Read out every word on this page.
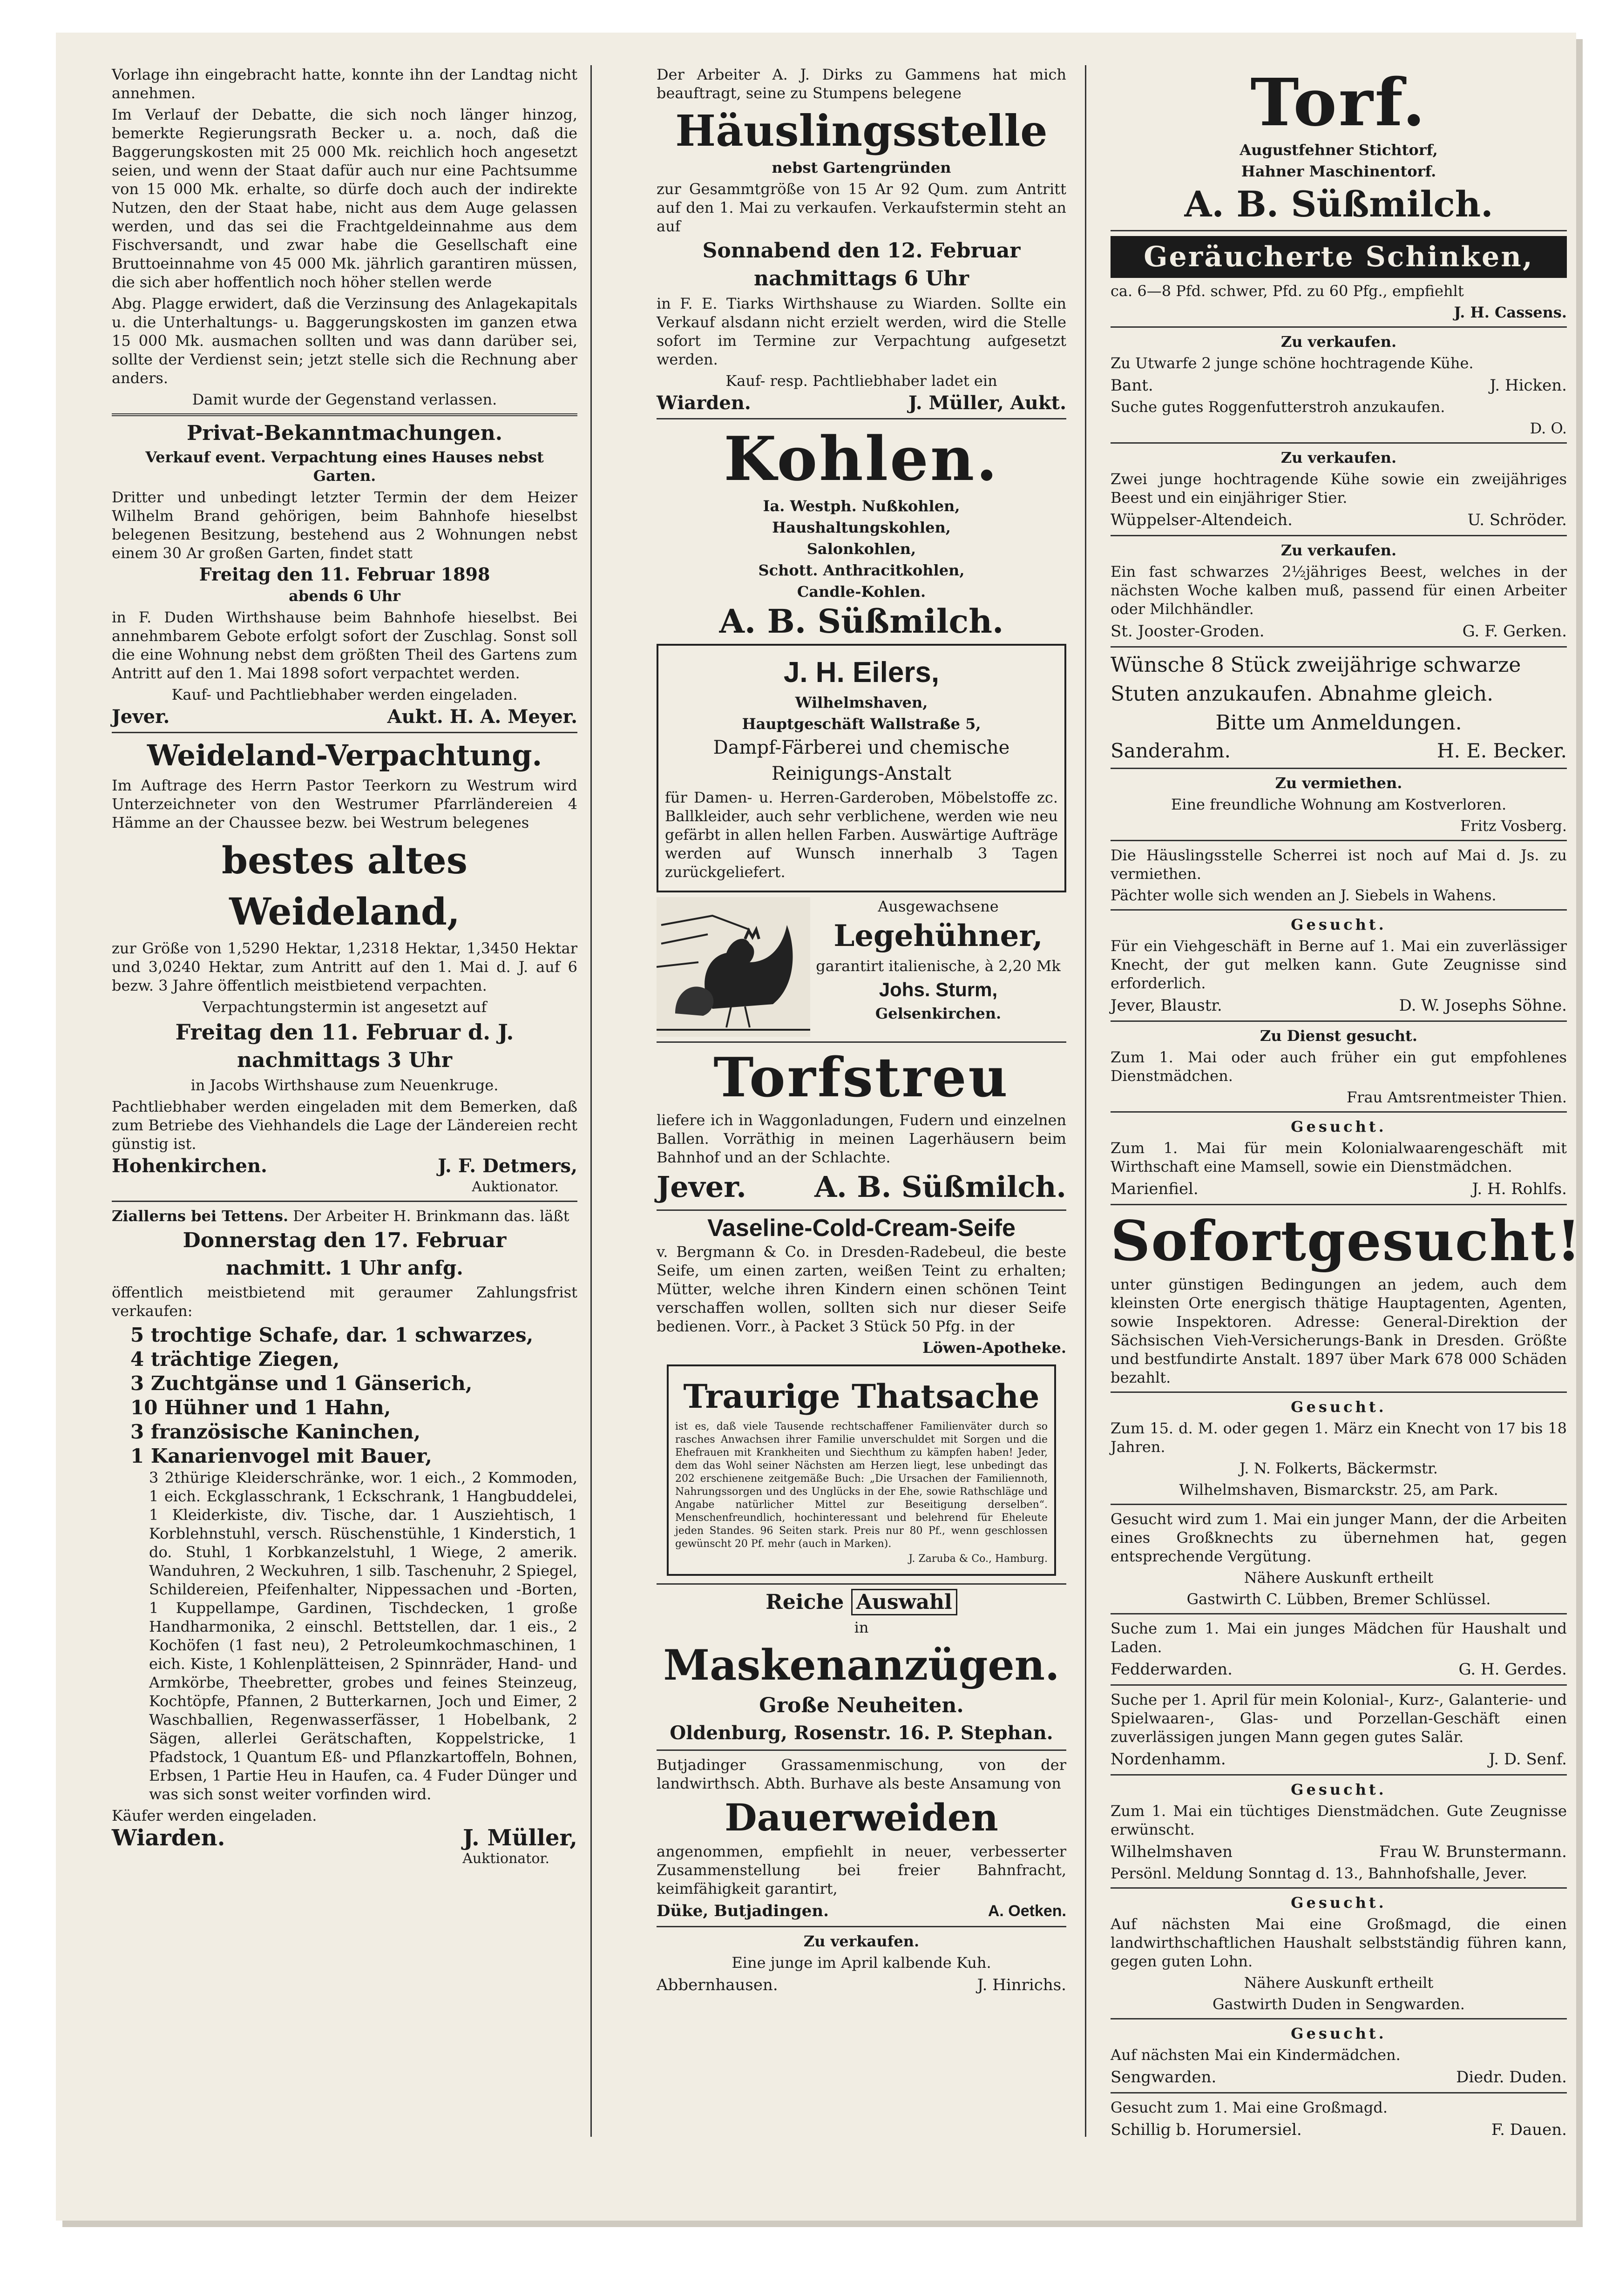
Vorlage ihn eingebracht hatte, konnte ihn der Landtag nicht annehmen.

Im Verlauf der Debatte, die sich noch länger hinzog, bemerkte Regierungsrath Becker u. a. noch, daß die Baggerungskosten mit 25 000 Mk. reichlich hoch angesetzt seien, und wenn der Staat dafür auch nur eine Pachtsumme von 15 000 Mk. erhalte, so dürfe doch auch der indirekte Nutzen, den der Staat habe, nicht aus dem Auge gelassen werden, und das sei die Frachtgeldeinnahme aus dem Fischversandt, und zwar habe die Gesellschaft eine Bruttoeinnahme von 45 000 Mk. jährlich garantiren müssen, die sich aber hoffentlich noch höher stellen werde

Abg. Plagge erwidert, daß die Verzinsung des Anlagekapitals u. die Unterhaltungs- u. Baggerungskosten im ganzen etwa 15 000 Mk. ausmachen sollten und was dann darüber sei, sollte der Verdienst sein; jetzt stelle sich die Rechnung aber anders.

Damit wurde der Gegenstand verlassen.

Privat-Bekanntmachungen.

Verkauf event. Verpachtung eines Hauses nebst Garten.

Dritter und unbedingt letzter Termin der dem Heizer Wilhelm Brand gehörigen, beim Bahnhofe hieselbst belegenen Besitzung, bestehend aus 2 Wohnungen nebst einem 30 Ar großen Garten, findet statt

Freitag den 11. Februar 1898

abends 6 Uhr

in F. Duden Wirthshause beim Bahnhofe hieselbst. Bei annehmbarem Gebote erfolgt sofort der Zuschlag. Sonst soll die eine Wohnung nebst dem größten Theil des Gartens zum Antritt auf den 1. Mai 1898 sofort verpachtet werden.

Kauf- und Pachtliebhaber werden eingeladen.

Jever.	Aukt. H. A. Meyer.
Weideland-Verpachtung.

Im Auftrage des Herrn Pastor Teerkorn zu Westrum wird Unterzeichneter von den Westrumer Pfarrländereien 4 Hämme an der Chaussee bezw. bei Westrum belegenes

bestes altes Weideland,

zur Größe von 1,5290 Hektar, 1,2318 Hektar, 1,3450 Hektar und 3,0240 Hektar, zum Antritt auf den 1. Mai d. J. auf 6 bezw. 3 Jahre öffentlich meistbietend verpachten.

Verpachtungstermin ist angesetzt auf

Freitag den 11. Februar d. J.

nachmittags 3 Uhr

in Jacobs Wirthshause zum Neuenkruge.

Pachtliebhaber werden eingeladen mit dem Bemerken, daß zum Betriebe des Viehhandels die Lage der Ländereien recht günstig ist.

Hohenkirchen.	J. F. Detmers,

Auktionator.

Ziallerns bei Tettens. Der Arbeiter H. Brinkmann das. läßt

Donnerstag den 17. Februar

nachmitt. 1 Uhr anfg.

öffentlich meistbietend mit geraumer Zahlungsfrist verkaufen:

5 trochtige Schafe, dar. 1 schwarzes,

4 trächtige Ziegen,

3 Zuchtgänse und 1 Gänserich,

10 Hühner und 1 Hahn,

3 französische Kaninchen,

1 Kanarienvogel mit Bauer,

3 2thürige Kleiderschränke, wor. 1 eich., 2 Kommoden, 1 eich. Eckglasschrank, 1 Eckschrank, 1 Hangbuddelei, 1 Kleiderkiste, div. Tische, dar. 1 Ausziehtisch, 1 Korblehnstuhl, versch. Rüschenstühle, 1 Kinderstich, 1 do. Stuhl, 1 Korbkanzelstuhl, 1 Wiege, 2 amerik. Wanduhren, 2 Weckuhren, 1 silb. Taschenuhr, 2 Spiegel, Schildereien, Pfeifenhalter, Nippessachen und -Borten, 1 Kuppellampe, Gardinen, Tischdecken, 1 große Handharmonika, 2 einschl. Bettstellen, dar. 1 eis., 2 Kochöfen (1 fast neu), 2 Petroleumkochmaschinen, 1 eich. Kiste, 1 Kohlenplätteisen, 2 Spinnräder, Hand- und Armkörbe, Theebretter, grobes und feines Steinzeug, Kochtöpfe, Pfannen, 2 Butterkarnen, Joch und Eimer, 2 Waschballien, Regenwasserfässer, 1 Hobelbank, 2 Sägen, allerlei Gerätschaften, Koppelstricke, 1 Pfadstock, 1 Quantum Eß- und Pflanzkartoffeln, Bohnen, Erbsen, 1 Partie Heu in Haufen, ca. 4 Fuder Dünger und was sich sonst weiter vorfinden wird.

Käufer werden eingeladen.

Wiarden.	J. Müller,

Auktionator.

Der Arbeiter A. J. Dirks zu Gammens hat mich beauftragt, seine zu Stumpens belegene

Häuslingsstelle

nebst Gartengründen

zur Gesammtgröße von 15 Ar 92 Qum. zum Antritt auf den 1. Mai zu verkaufen. Verkaufstermin steht an auf

Sonnabend den 12. Februar

nachmittags 6 Uhr

in F. E. Tiarks Wirthshause zu Wiarden. Sollte ein Verkauf alsdann nicht erzielt werden, wird die Stelle sofort im Termine zur Verpachtung aufgesetzt werden.

Kauf- resp. Pachtliebhaber ladet ein

Wiarden.	J. Müller, Aukt.
Kohlen.

Ia. Westph. Nußkohlen,

Haushaltungskohlen,

Salonkohlen,

Schott. Anthracitkohlen,

Candle-Kohlen.

A. B. Süßmilch.
J. H. Eilers,

Wilhelmshaven,

Hauptgeschäft Wallstraße 5,

Dampf-Färberei und chemische

Reinigungs-Anstalt

für Damen- u. Herren-Garderoben, Möbelstoffe zc. Ballkleider, auch sehr verblichene, werden wie neu gefärbt in allen hellen Farben. Auswärtige Aufträge werden auf Wunsch innerhalb 3 Tagen zurückgeliefert.

Ausgewachsene

Legehühner,

garantirt italienische, à 2,20 Mk

Johs. Sturm,

Gelsenkirchen.

Torfstreu

liefere ich in Waggonladungen, Fudern und einzelnen Ballen. Vorräthig in meinen Lagerhäusern beim Bahnhof und an der Schlachte.

Jever. A. B. Süßmilch.
Vaseline-Cold-Cream-Seife

v. Bergmann & Co. in Dresden-Radebeul, die beste Seife, um einen zarten, weißen Teint zu erhalten; Mütter, welche ihren Kindern einen schönen Teint verschaffen wollen, sollten sich nur dieser Seife bedienen. Vorr., à Packet 3 Stück 50 Pfg. in der

Löwen-Apotheke.

Traurige Thatsache

ist es, daß viele Tausende rechtschaffener Familienväter durch so rasches Anwachsen ihrer Familie unverschuldet mit Sorgen und die Ehefrauen mit Krankheiten und Siechthum zu kämpfen haben! Jeder, dem das Wohl seiner Nächsten am Herzen liegt, lese unbedingt das 202 erschienene zeitgemäße Buch: „Die Ursachen der Familiennoth, Nahrungssorgen und des Unglücks in der Ehe, sowie Rathschläge und Angabe natürlicher Mittel zur Beseitigung derselben“. Menschenfreundlich, hochinteressant und belehrend für Eheleute jeden Standes. 96 Seiten stark. Preis nur 80 Pf., wenn geschlossen gewünscht 20 Pf. mehr (auch in Marken).

J. Zaruba & Co., Hamburg.

Reiche Auswahl

in

Maskenanzügen.

Große Neuheiten.

Oldenburg, Rosenstr. 16. P. Stephan.

Butjadinger Grassamenmischung, von der landwirthsch. Abth. Burhave als beste Ansamung von

Dauerweiden

angenommen, empfiehlt in neuer, verbesserter Zusammenstellung bei freier Bahnfracht, keimfähigkeit garantirt,

Düke, Butjadingen.	A. Oetken.

Zu verkaufen.

Eine junge im April kalbende Kuh.

Abbernhausen.	J. Hinrichs.
Torf.

Augustfehner Stichtorf,

Hahner Maschinentorf.

A. B. Süßmilch.
Geräucherte Schinken,

ca. 6—8 Pfd. schwer, Pfd. zu 60 Pfg., empfiehlt

J. H. Cassens.

Zu verkaufen.

Zu Utwarfe 2 junge schöne hochtragende Kühe.

Bant.	J. Hicken.

Suche gutes Roggenfutterstroh anzukaufen.

D. O.

Zu verkaufen.

Zwei junge hochtragende Kühe sowie ein zweijähriges Beest und ein einjähriger Stier.

Wüppelser-Altendeich.	U. Schröder.

Zu verkaufen.

Ein fast schwarzes 2½jähriges Beest, welches in der nächsten Woche kalben muß, passend für einen Arbeiter oder Milchhändler.

St. Jooster-Groden.	G. F. Gerken.

Wünsche 8 Stück zweijährige schwarze

Stuten anzukaufen. Abnahme gleich.

Bitte um Anmeldungen.

Sanderahm.	H. E. Becker.

Zu vermiethen.

Eine freundliche Wohnung am Kostverloren.

Fritz Vosberg.

Die Häuslingsstelle Scherrei ist noch auf Mai d. Js. zu vermiethen.

Pächter wolle sich wenden an J. Siebels in Wahens.

Gesucht.

Für ein Viehgeschäft in Berne auf 1. Mai ein zuverlässiger Knecht, der gut melken kann. Gute Zeugnisse sind erforderlich.

Jever, Blaustr.	D. W. Josephs Söhne.

Zu Dienst gesucht.

Zum 1. Mai oder auch früher ein gut empfohlenes Dienstmädchen.

Frau Amtsrentmeister Thien.

Gesucht.

Zum 1. Mai für mein Kolonialwaarengeschäft mit Wirthschaft eine Mamsell, sowie ein Dienstmädchen.

Marienfiel.	J. H. Rohlfs.
Sofortgesucht!

unter günstigen Bedingungen an jedem, auch dem kleinsten Orte energisch thätige Hauptagenten, Agenten, sowie Inspektoren. Adresse: General-Direktion der Sächsischen Vieh-Versicherungs-Bank in Dresden. Größte und bestfundirte Anstalt. 1897 über Mark 678 000 Schäden bezahlt.

Gesucht.

Zum 15. d. M. oder gegen 1. März ein Knecht von 17 bis 18 Jahren.

J. N. Folkerts, Bäckermstr.

Wilhelmshaven, Bismarckstr. 25, am Park.

Gesucht wird zum 1. Mai ein junger Mann, der die Arbeiten eines Großknechts zu übernehmen hat, gegen entsprechende Vergütung.

Nähere Auskunft ertheilt

Gastwirth C. Lübben, Bremer Schlüssel.

Suche zum 1. Mai ein junges Mädchen für Haushalt und Laden.

Fedderwarden.	G. H. Gerdes.

Suche per 1. April für mein Kolonial-, Kurz-, Galanterie- und Spielwaaren-, Glas- und Porzellan-Geschäft einen zuverlässigen jungen Mann gegen gutes Salär.

Nordenhamm.	J. D. Senf.

Gesucht.

Zum 1. Mai ein tüchtiges Dienstmädchen. Gute Zeugnisse erwünscht.

Wilhelmshaven	Frau W. Brunstermann.

Persönl. Meldung Sonntag d. 13., Bahnhofshalle, Jever.

Gesucht.

Auf nächsten Mai eine Großmagd, die einen landwirthschaftlichen Haushalt selbstständig führen kann, gegen guten Lohn.

Nähere Auskunft ertheilt

Gastwirth Duden in Sengwarden.

Gesucht.

Auf nächsten Mai ein Kindermädchen.

Sengwarden.	Diedr. Duden.

Gesucht zum 1. Mai eine Großmagd.

Schillig b. Horumersiel.	F. Dauen.
